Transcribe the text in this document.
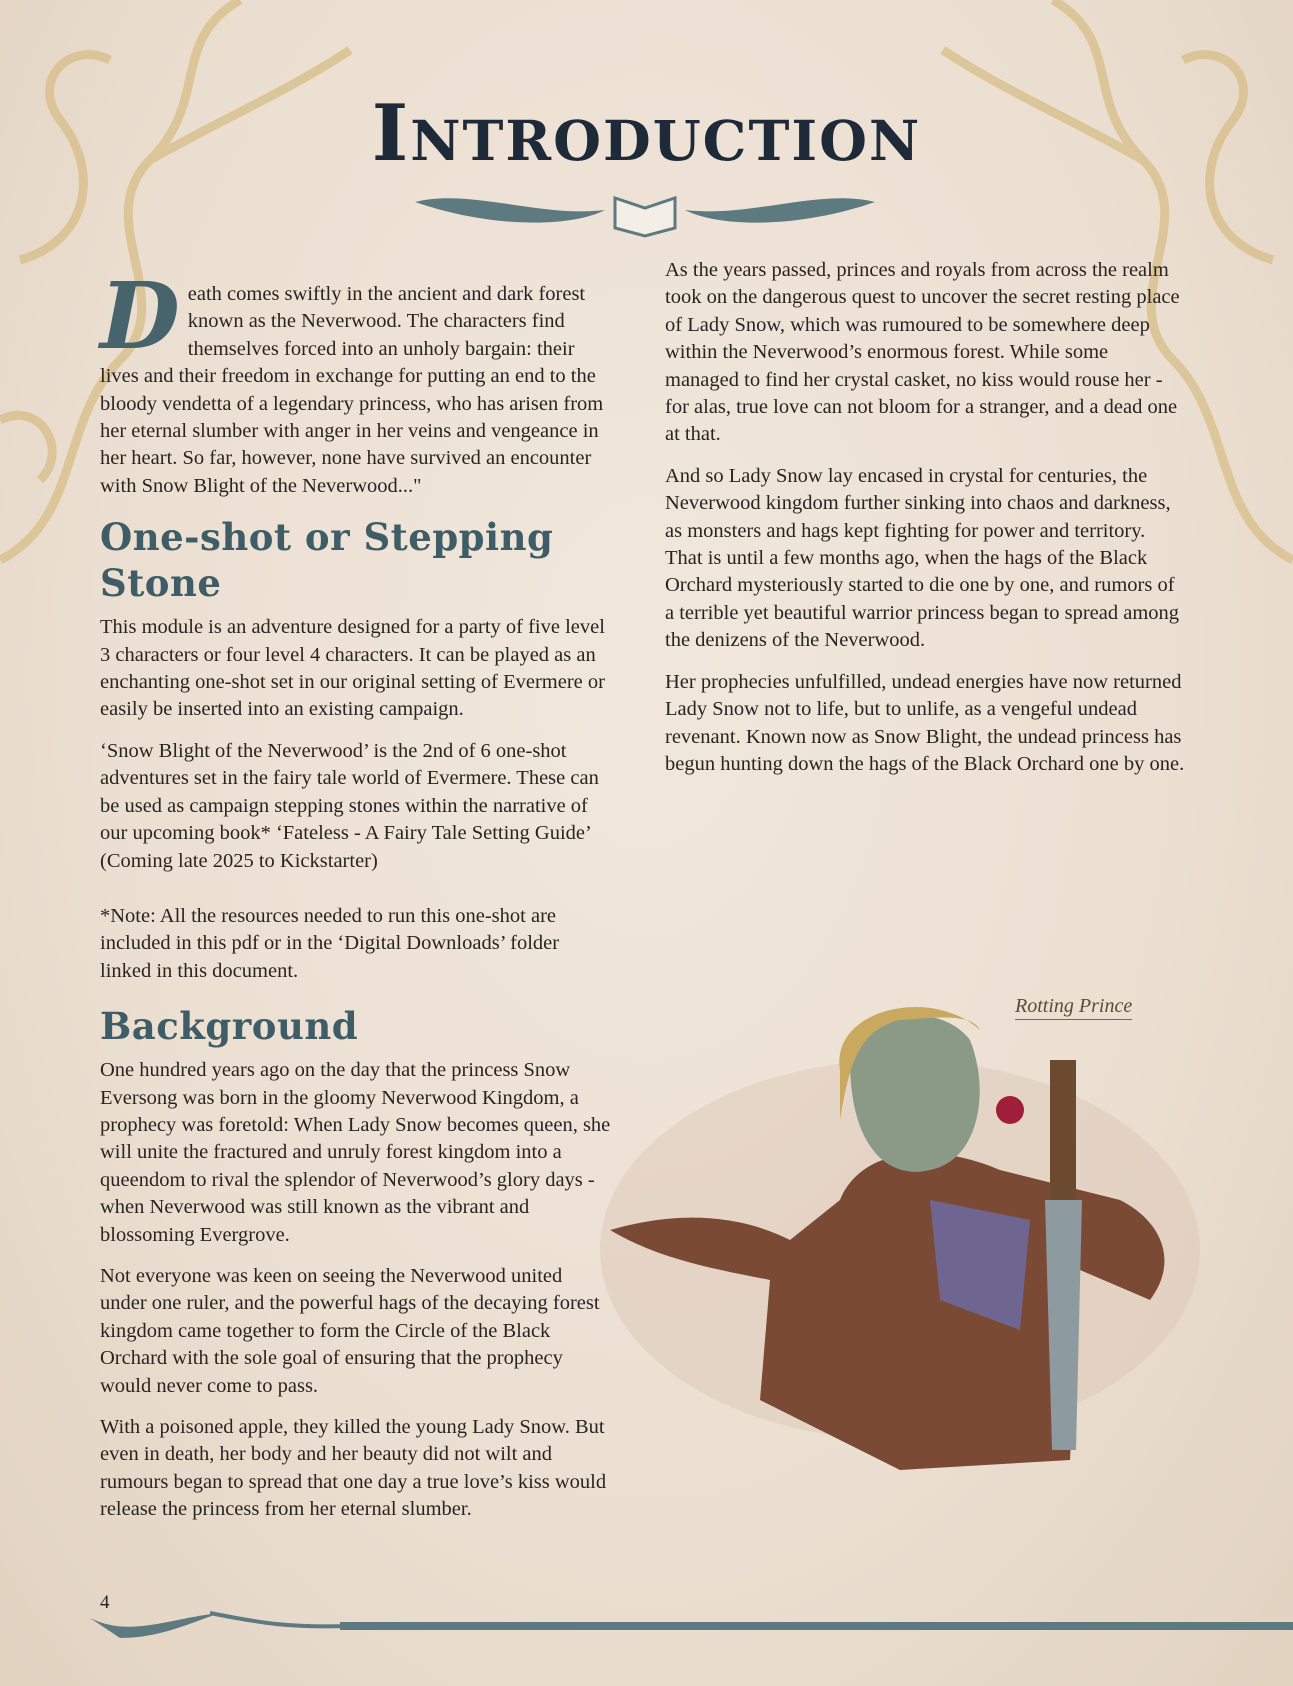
Introduction

Death comes swiftly in the ancient and dark forest known as the Neverwood. The characters find themselves forced into an unholy bargain: their lives and their freedom in exchange for putting an end to the bloody vendetta of a legendary princess, who has arisen from her eternal slumber with anger in her veins and vengeance in her heart. So far, however, none have survived an encounter with Snow Blight of the Neverwood..."

One-shot or Stepping Stone

This module is an adventure designed for a party of five level 3 characters or four level 4 characters. It can be played as an enchanting one-shot set in our original setting of Evermere or easily be inserted into an existing campaign.

‘Snow Blight of the Neverwood’ is the 2nd of 6 one-shot adventures set in the fairy tale world of Evermere. These can be used as campaign stepping stones within the narrative of our upcoming book* ‘Fateless - A Fairy Tale Setting Guide’ (Coming late 2025 to Kickstarter)

*Note: All the resources needed to run this one-shot are included in this pdf or in the ‘Digital Downloads’ folder linked in this document.

Background

One hundred years ago on the day that the princess Snow Eversong was born in the gloomy Neverwood Kingdom, a prophecy was foretold: When Lady Snow becomes queen, she will unite the fractured and unruly forest kingdom into a queendom to rival the splendor of Neverwood’s glory days - when Neverwood was still known as the vibrant and blossoming Evergrove.

Not everyone was keen on seeing the Neverwood united under one ruler, and the powerful hags of the decaying forest kingdom came together to form the Circle of the Black Orchard with the sole goal of ensuring that the prophecy would never come to pass.

With a poisoned apple, they killed the young Lady Snow. But even in death, her body and her beauty did not wilt and rumours began to spread that one day a true love’s kiss would release the princess from her eternal slumber.

As the years passed, princes and royals from across the realm took on the dangerous quest to uncover the secret resting place of Lady Snow, which was rumoured to be somewhere deep within the Neverwood’s enormous forest. While some managed to find her crystal casket, no kiss would rouse her - for alas, true love can not bloom for a stranger, and a dead one at that.

And so Lady Snow lay encased in crystal for centuries, the Neverwood kingdom further sinking into chaos and darkness, as monsters and hags kept fighting for power and territory. That is until a few months ago, when the hags of the Black Orchard mysteriously started to die one by one, and rumors of a terrible yet beautiful warrior princess began to spread among the denizens of the Neverwood.

Her prophecies unfulfilled, undead energies have now returned Lady Snow not to life, but to unlife, as a vengeful undead revenant. Known now as Snow Blight, the undead princess has begun hunting down the hags of the Black Orchard one by one.

Rotting Prince
4
